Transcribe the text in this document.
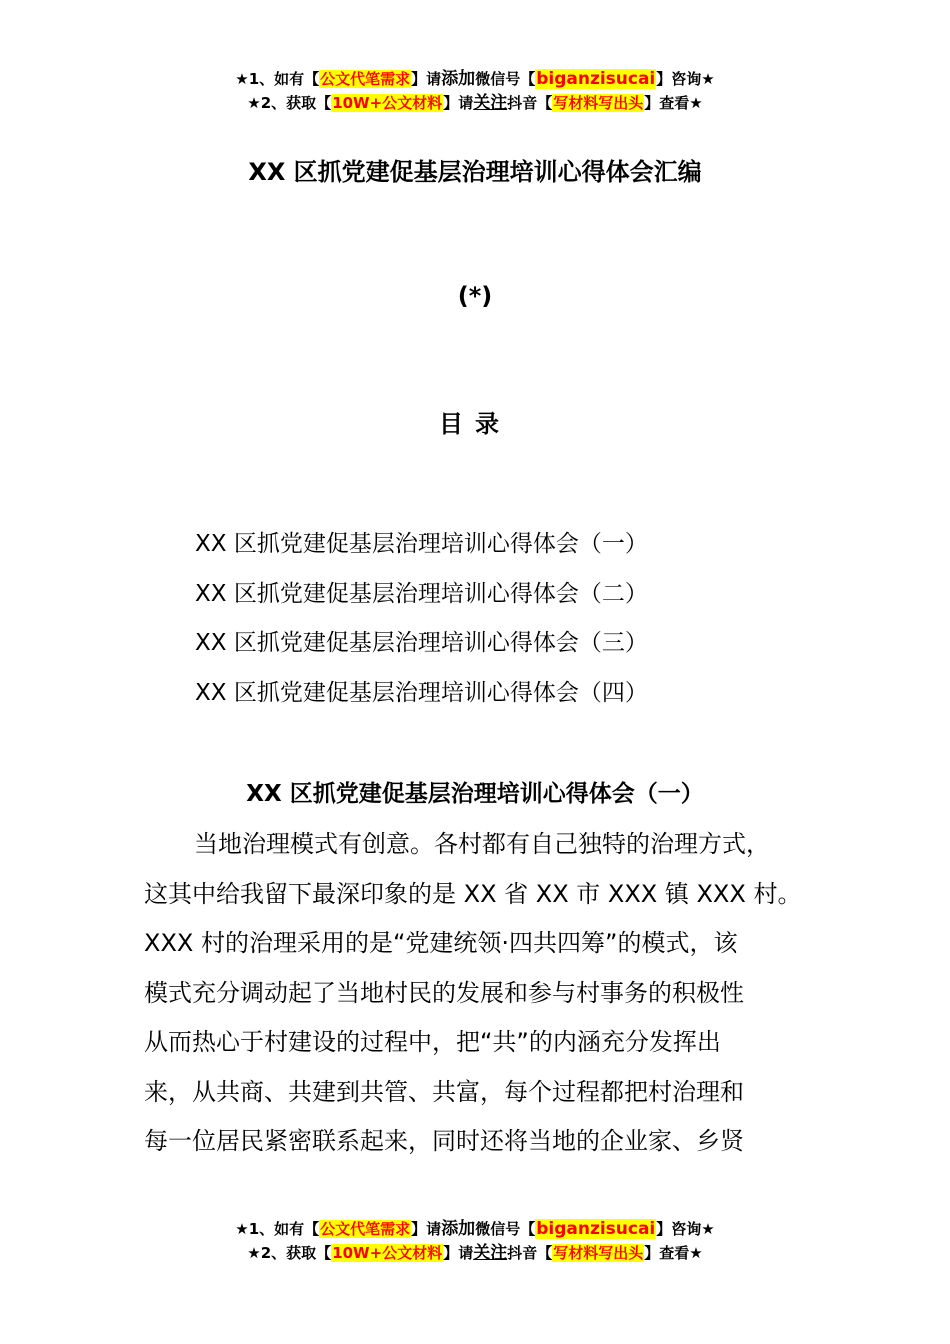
★1、如有【公文代笔需求】请添加微信号【biganzisucai】咨询★
★2、获取【10W+公文材料】请关注抖音【写材料写出头】查看★
XX 区抓党建促基层治理培训心得体会汇编
(*)
目录
XX 区抓党建促基层治理培训心得体会（一）
XX 区抓党建促基层治理培训心得体会（二）
XX 区抓党建促基层治理培训心得体会（三）
XX 区抓党建促基层治理培训心得体会（四）
XX 区抓党建促基层治理培训心得体会（一）
当地治理模式有创意。各村都有自己独特的治理方式，
这其中给我留下最深印象的是 XX 省 XX 市 XXX 镇 XXX 村。
XXX 村的治理采用的是“党建统领·四共四筹”的模式，该
模式充分调动起了当地村民的发展和参与村事务的积极性
从而热心于村建设的过程中，把“共”的内涵充分发挥出
来，从共商、共建到共管、共富，每个过程都把村治理和
每一位居民紧密联系起来，同时还将当地的企业家、乡贤
★1、如有【公文代笔需求】请添加微信号【biganzisucai】咨询★
★2、获取【10W+公文材料】请关注抖音【写材料写出头】查看★
